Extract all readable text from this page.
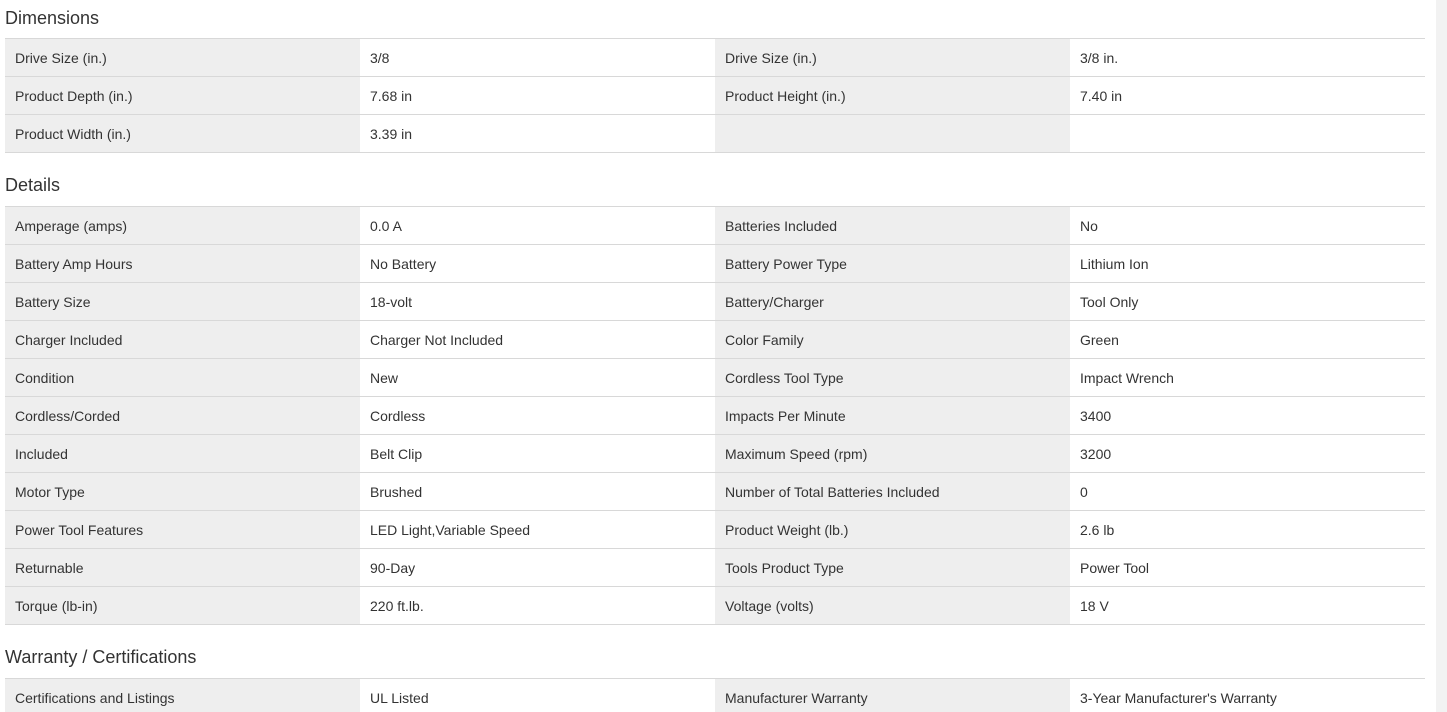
Dimensions
Drive Size (in.)	3/8	Drive Size (in.)	3/8 in.
Product Depth (in.)	7.68 in	Product Height (in.)	7.40 in
Product Width (in.)	3.39 in		
Details
Amperage (amps)	0.0 A	Batteries Included	No
Battery Amp Hours	No Battery	Battery Power Type	Lithium Ion
Battery Size	18-volt	Battery/Charger	Tool Only
Charger Included	Charger Not Included	Color Family	Green
Condition	New	Cordless Tool Type	Impact Wrench
Cordless/Corded	Cordless	Impacts Per Minute	3400
Included	Belt Clip	Maximum Speed (rpm)	3200
Motor Type	Brushed	Number of Total Batteries Included	0
Power Tool Features	LED Light,Variable Speed	Product Weight (lb.)	2.6 lb
Returnable	90-Day	Tools Product Type	Power Tool
Torque (lb-in)	220 ft.lb.	Voltage (volts)	18 V
Warranty / Certifications
Certifications and Listings	UL Listed	Manufacturer Warranty	3-Year Manufacturer's Warranty
